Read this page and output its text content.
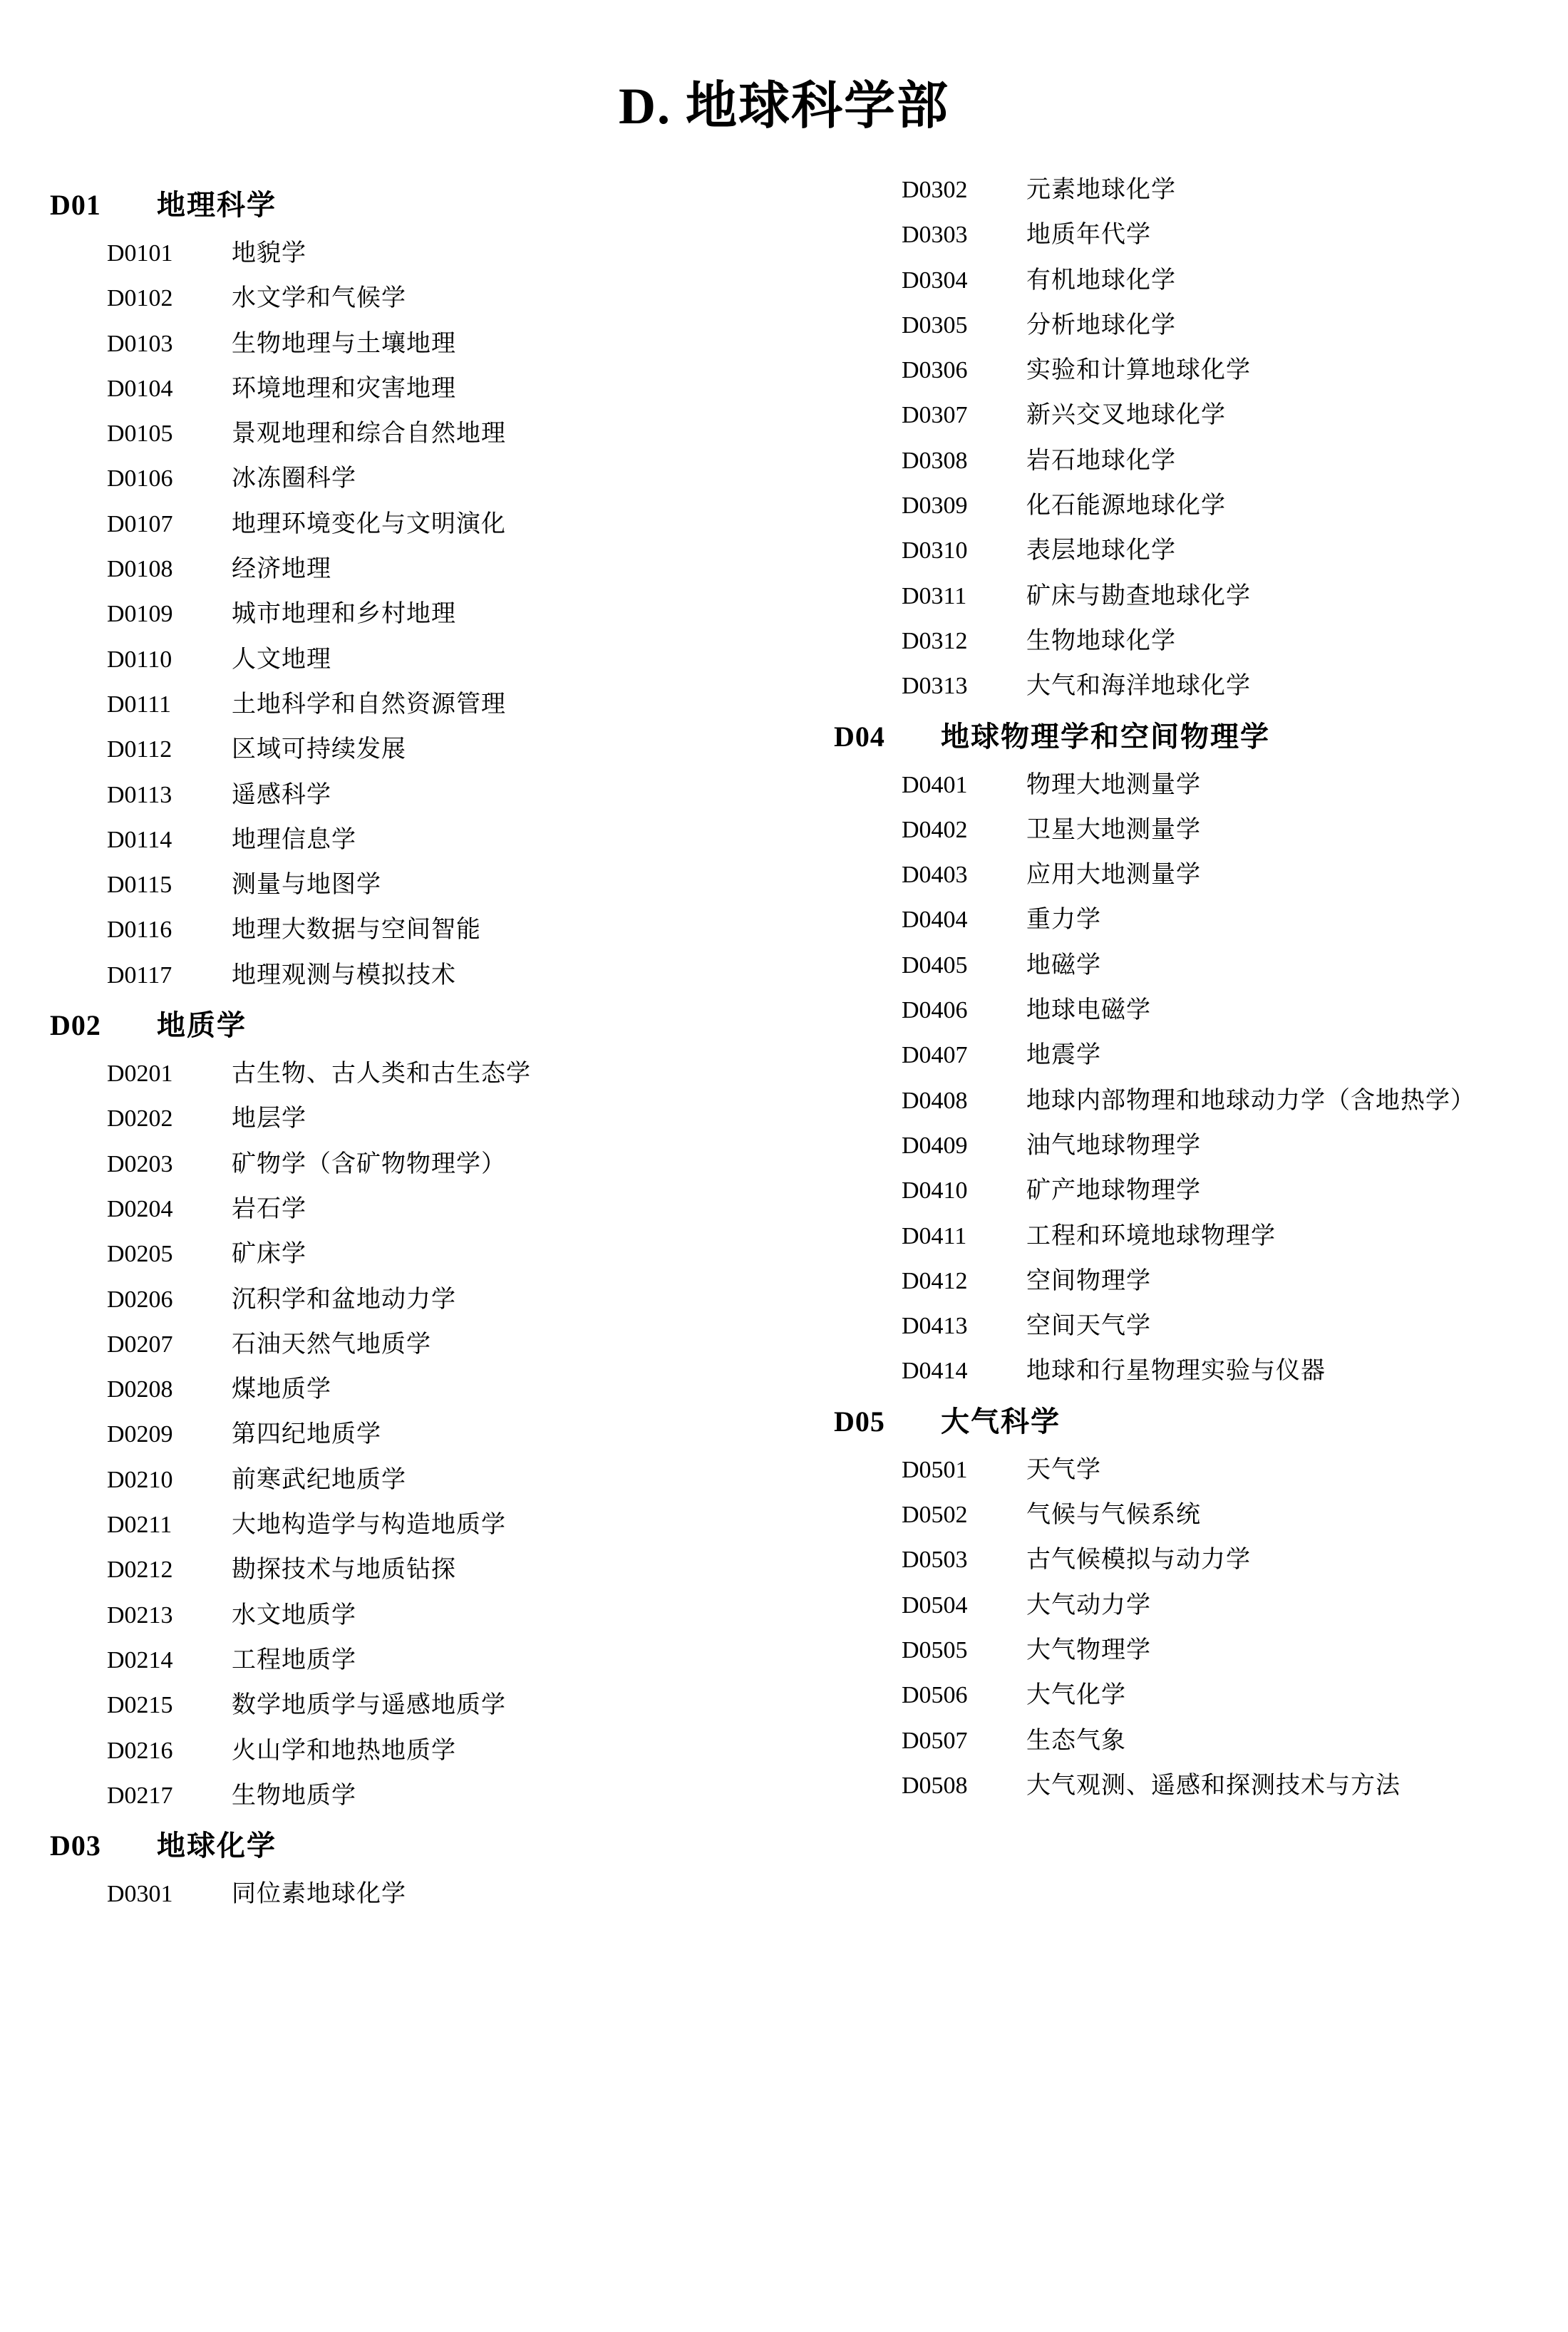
D. 地球科学部
D01	地理科学
D0101	地貌学
D0102	水文学和气候学
D0103	生物地理与土壤地理
D0104	环境地理和灾害地理
D0105	景观地理和综合自然地理
D0106	冰冻圈科学
D0107	地理环境变化与文明演化
D0108	经济地理
D0109	城市地理和乡村地理
D0110	人文地理
D0111	土地科学和自然资源管理
D0112	区域可持续发展
D0113	遥感科学
D0114	地理信息学
D0115	测量与地图学
D0116	地理大数据与空间智能
D0117	地理观测与模拟技术
D02	地质学
D0201	古生物、古人类和古生态学
D0202	地层学
D0203	矿物学（含矿物物理学）
D0204	岩石学
D0205	矿床学
D0206	沉积学和盆地动力学
D0207	石油天然气地质学
D0208	煤地质学
D0209	第四纪地质学
D0210	前寒武纪地质学
D0211	大地构造学与构造地质学
D0212	勘探技术与地质钻探
D0213	水文地质学
D0214	工程地质学
D0215	数学地质学与遥感地质学
D0216	火山学和地热地质学
D0217	生物地质学
D03	地球化学
D0301	同位素地球化学
D0302	元素地球化学
D0303	地质年代学
D0304	有机地球化学
D0305	分析地球化学
D0306	实验和计算地球化学
D0307	新兴交叉地球化学
D0308	岩石地球化学
D0309	化石能源地球化学
D0310	表层地球化学
D0311	矿床与勘查地球化学
D0312	生物地球化学
D0313	大气和海洋地球化学
D04	地球物理学和空间物理学
D0401	物理大地测量学
D0402	卫星大地测量学
D0403	应用大地测量学
D0404	重力学
D0405	地磁学
D0406	地球电磁学
D0407	地震学
D0408	地球内部物理和地球动力学（含地热学）
D0409	油气地球物理学
D0410	矿产地球物理学
D0411	工程和环境地球物理学
D0412	空间物理学
D0413	空间天气学
D0414	地球和行星物理实验与仪器
D05	大气科学
D0501	天气学
D0502	气候与气候系统
D0503	古气候模拟与动力学
D0504	大气动力学
D0505	大气物理学
D0506	大气化学
D0507	生态气象
D0508	大气观测、遥感和探测技术与方法
